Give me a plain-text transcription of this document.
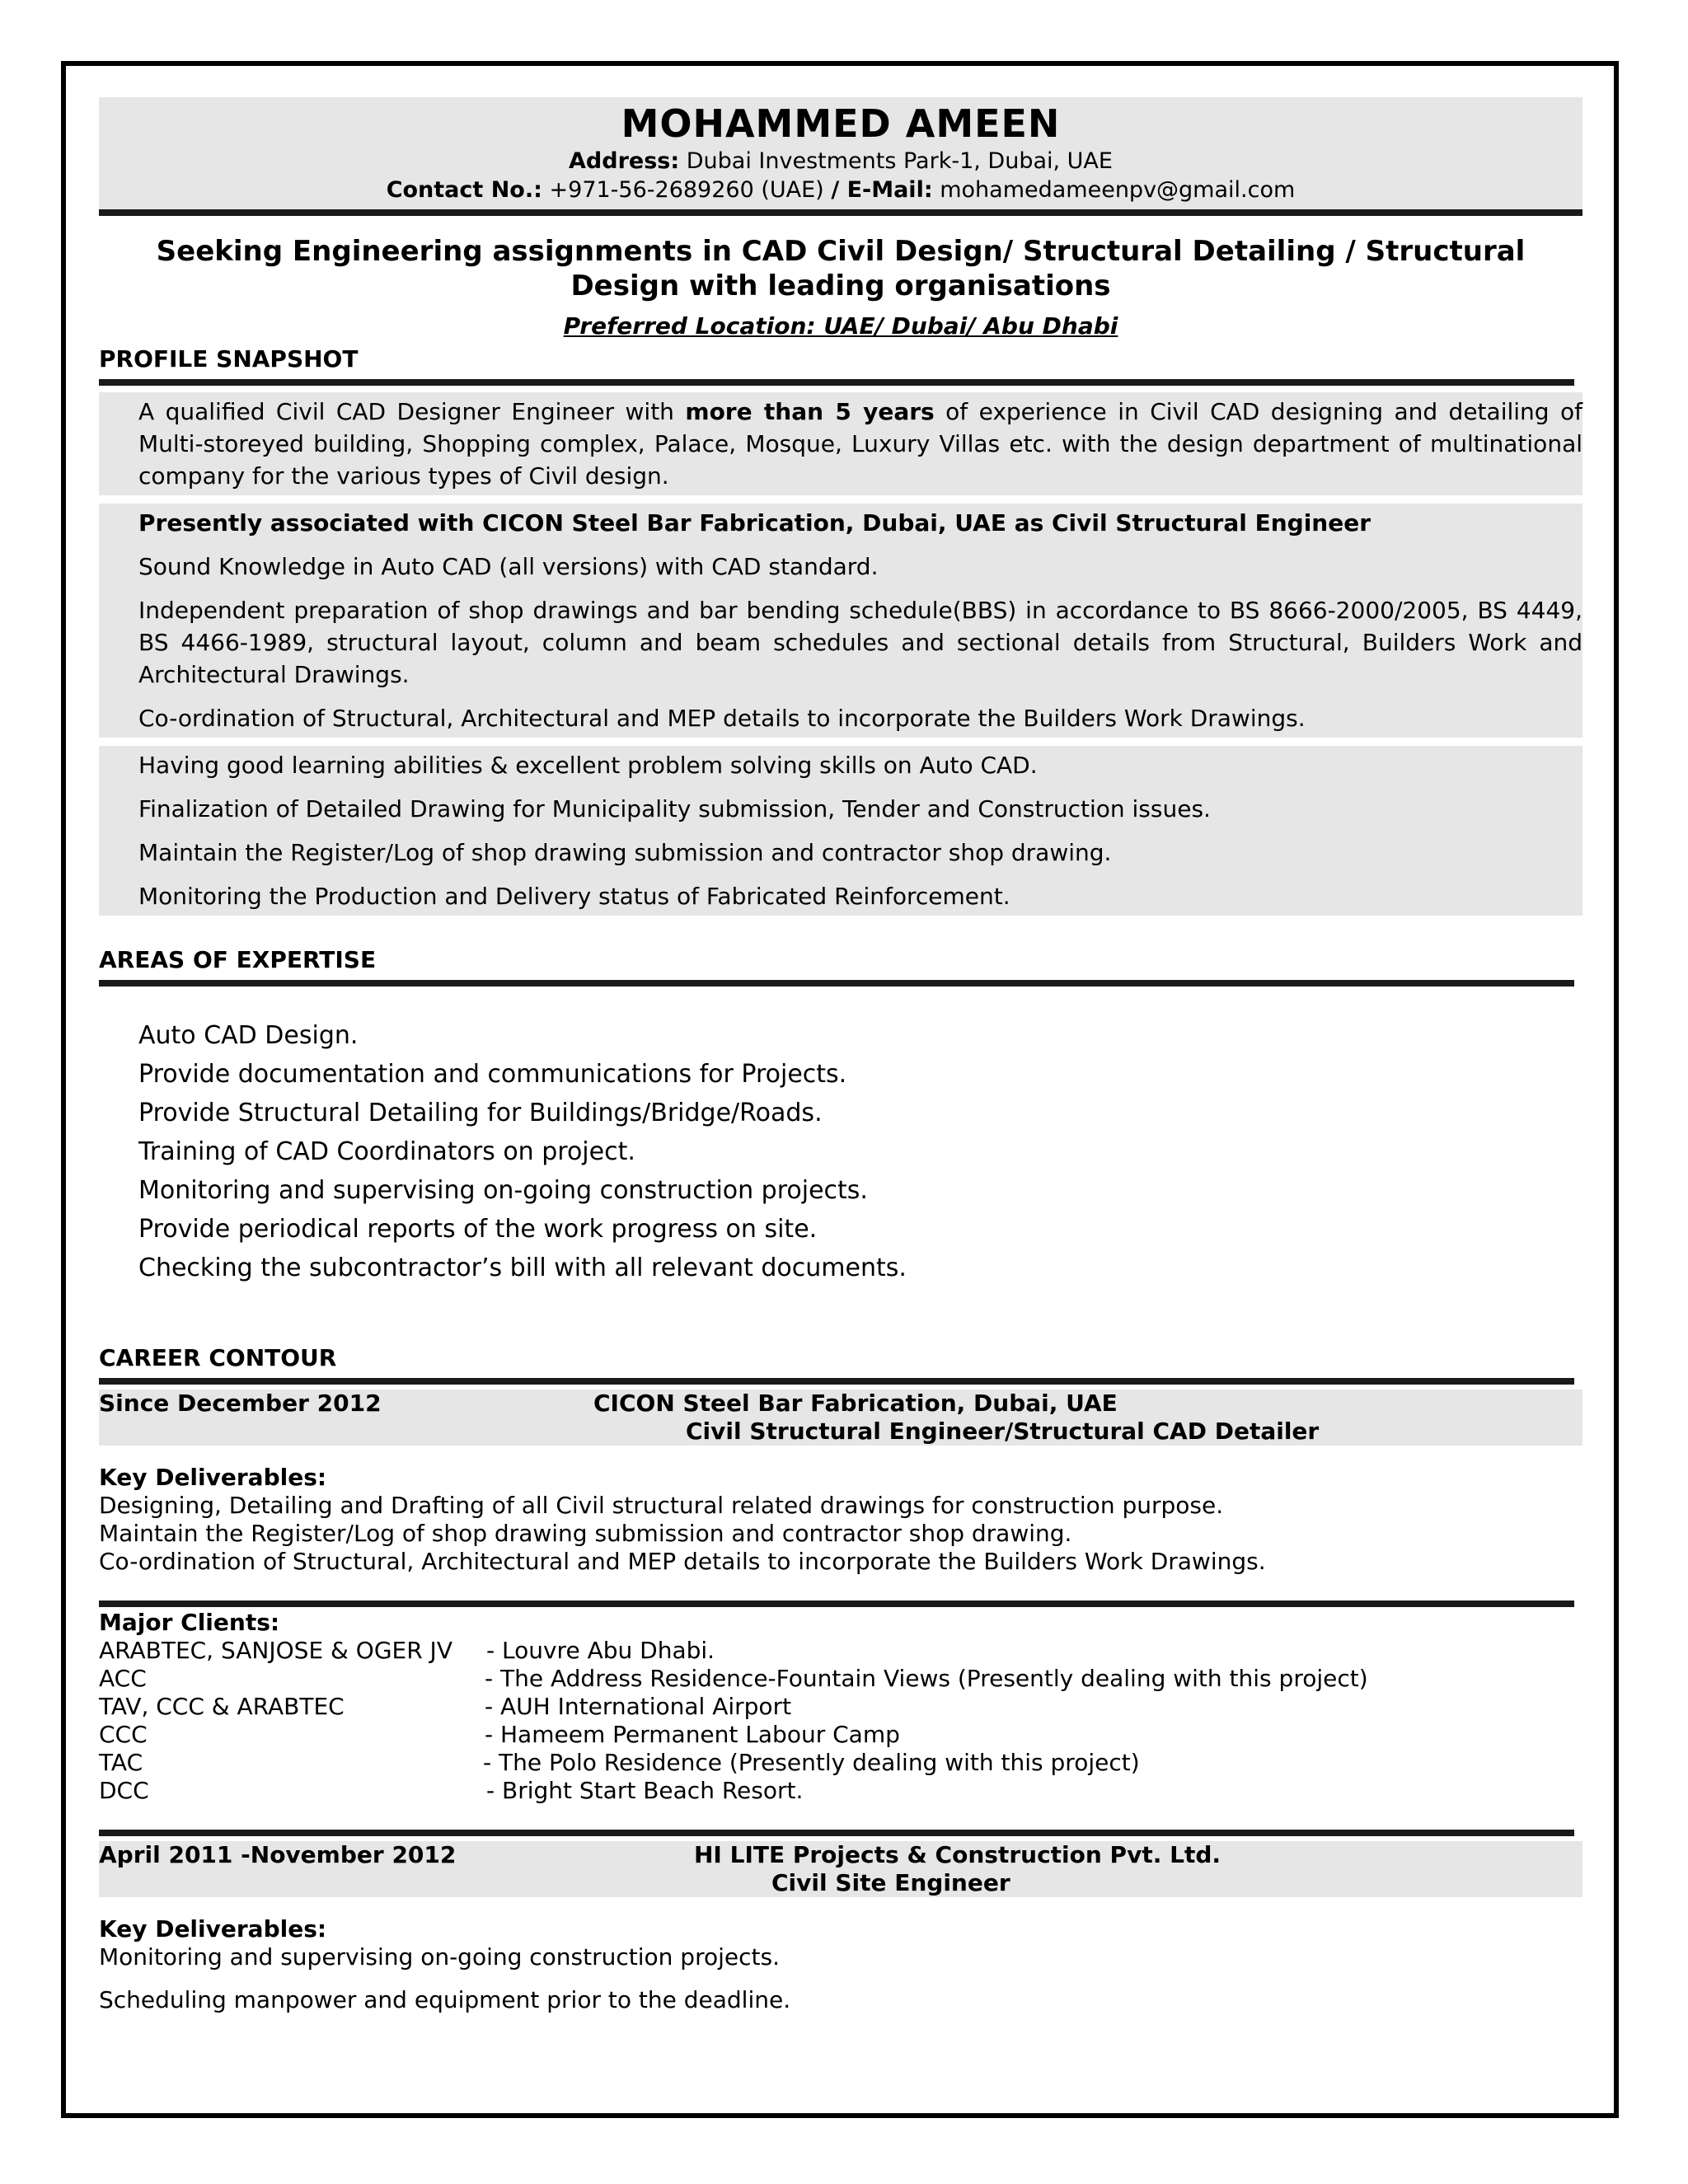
MOHAMMED AMEEN
Address: Dubai Investments Park-1, Dubai, UAE
Contact No.: +971-56-2689260 (UAE) / E-Mail: mohamedameenpv@gmail.com
Seeking Engineering assignments in CAD Civil Design/ Structural Detailing / Structural
Design with leading organisations
Preferred Location: UAE/ Dubai/ Abu Dhabi
PROFILE SNAPSHOT
A qualified Civil CAD Designer Engineer with more than 5 years of experience in Civil CAD designing and detailing of Multi-storeyed building, Shopping complex, Palace, Mosque, Luxury Villas etc. with the design department of multinational company for the various types of Civil design.
Presently associated with CICON Steel Bar Fabrication, Dubai, UAE as Civil Structural Engineer
Sound Knowledge in Auto CAD (all versions) with CAD standard.
Independent preparation of shop drawings and bar bending schedule(BBS) in accordance to BS 8666-2000/2005, BS 4449, BS 4466-1989, structural layout, column and beam schedules and sectional details from Structural, Builders Work and Architectural Drawings.
Co-ordination of Structural, Architectural and MEP details to incorporate the Builders Work Drawings.
Having good learning abilities & excellent problem solving skills on Auto CAD.
Finalization of Detailed Drawing for Municipality submission, Tender and Construction issues.
Maintain the Register/Log of shop drawing submission and contractor shop drawing.
Monitoring the Production and Delivery status of Fabricated Reinforcement.
AREAS OF EXPERTISE
Auto CAD Design.
Provide documentation and communications for Projects.
Provide Structural Detailing for Buildings/Bridge/Roads.
Training of CAD Coordinators on project.
Monitoring and supervising on-going construction projects.
Provide periodical reports of the work progress on site.
Checking the subcontractor’s bill with all relevant documents.
CAREER CONTOUR
Since December 2012	CICON Steel Bar Fabrication, Dubai, UAE
Civil Structural Engineer/Structural CAD Detailer
Key Deliverables:
Designing, Detailing and Drafting of all Civil structural related drawings for construction purpose.
Maintain the Register/Log of shop drawing submission and contractor shop drawing.
Co-ordination of Structural, Architectural and MEP details to incorporate the Builders Work Drawings.
Major Clients:
ARABTEC, SANJOSE & OGER JV - Louvre Abu Dhabi.
ACC	- The Address Residence-Fountain Views (Presently dealing with this project)
TAV, CCC & ARABTEC	- AUH International Airport
CCC	- Hameem Permanent Labour Camp
TAC	- The Polo Residence (Presently dealing with this project)
DCC	- Bright Start Beach Resort.
April 2011 -November 2012	HI LITE Projects & Construction Pvt. Ltd.
Civil Site Engineer
Key Deliverables:
Monitoring and supervising on-going construction projects.
Scheduling manpower and equipment prior to the deadline.
